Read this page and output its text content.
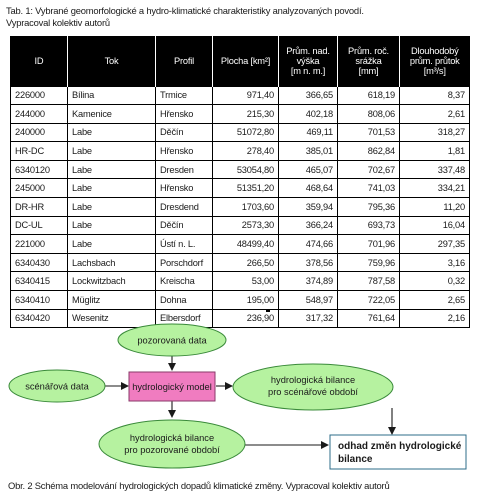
Tab. 1: Vybrané geomorfologické a hydro-klimatické charakteristiky analyzovaných povodí.
Vypracoval kolektiv autorů
ID	Tok	Profil	Plocha [km²]	Prům. nad.
výška
[m n. m.]	Prům. roč.
srážka
[mm]	Dlouhodobý
prům. průtok
[m³/s]
226000	Bílina	Trmice	971,40	366,65	618,19	8,37
244000	Kamenice	Hřensko	215,30	402,18	808,06	2,61
240000	Labe	Děčín	51072,80	469,11	701,53	318,27
HR-DC	Labe	Hřensko	278,40	385,01	862,84	1,81
6340120	Labe	Dresden	53054,80	465,07	702,67	337,48
245000	Labe	Hřensko	51351,20	468,64	741,03	334,21
DR-HR	Labe	Dresdend	1703,60	359,94	795,36	11,20
DC-UL	Labe	Děčín	2573,30	366,24	693,73	16,04
221000	Labe	Ústí n. L.	48499,40	474,66	701,96	297,35
6340430	Lachsbach	Porschdorf	266,50	378,56	759,96	3,16
6340415	Lockwitzbach	Kreischa	53,00	374,89	787,58	0,32
6340410	Müglitz	Dohna	195,00	548,97	722,05	2,65
6340420	Wesenitz	Elbersdorf	236,90	317,32	761,64	2,16
pozorovaná data
scénářová data	hydrologický model
hydrologická bilance
pro scénářové období
hydrologická bilance
pro pozorované období	odhad změn hydrologické
bilance
Obr. 2 Schéma modelování hydrologických dopadů klimatické změny. Vypracoval kolektiv autorů
